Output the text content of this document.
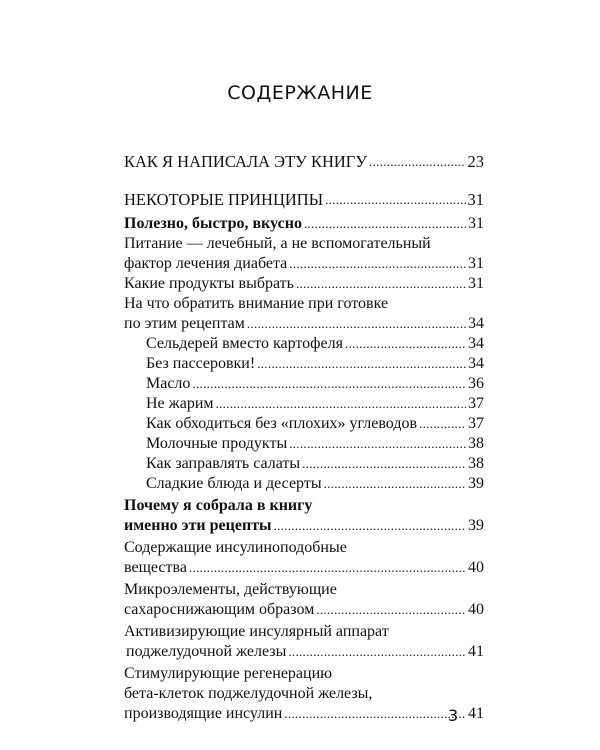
СОДЕРЖАНИЕ
КАК Я НАПИСАЛА ЭТУ КНИГУ .....	23
НЕКОТОРЫЕ ПРИНЦИПЫ .....	31
Полезно, быстро, вкусно .....	31
Питание — лечебный, а не вспомогательный
фактор лечения диабета .....	31
Какие продукты выбрать .....	31
На что обратить внимание при готовке
по этим рецептам .....	34
Сельдерей вместо картофеля .....	34
Без пассеровки! .....	34
Масло .....	36
Не жарим .....	37
Как обходиться без «плохих» углеводов .....	37
Молочные продукты .....	38
Как заправлять салаты .....	38
Сладкие блюда и десерты .....	39
Почему я собрала в книгу
именно эти рецепты .....	39
Содержащие инсулиноподобные
вещества .....	40
Микроэлементы, действующие
сахароснижающим образом .....	40
Активизирующие инсулярный аппарат
поджелудочной железы .....	41
Стимулирующие регенерацию
бета-клеток поджелудочной железы,
производящие инсулин .....	41
3
